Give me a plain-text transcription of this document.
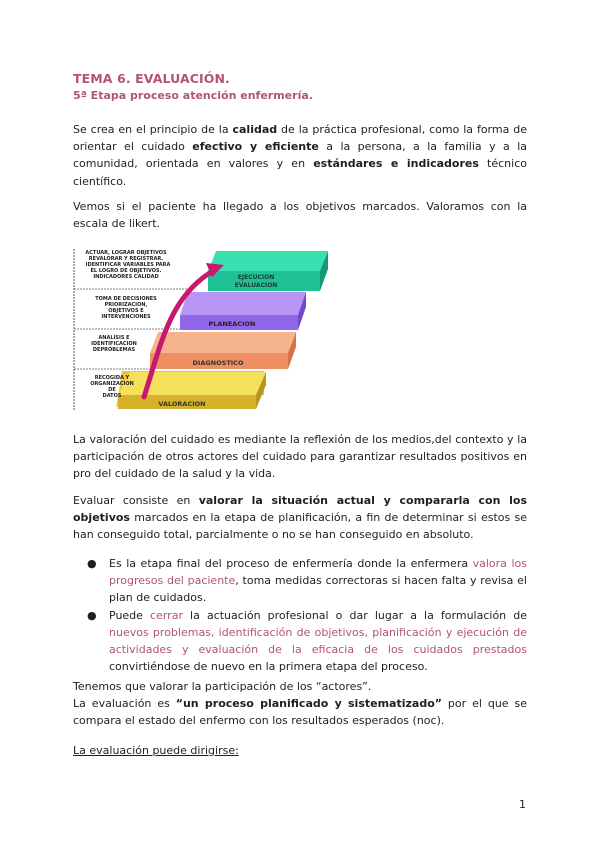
TEMA 6. EVALUACIÓN.
5ª Etapa proceso atención enfermería.
Se crea en el principio de la calidad de la práctica profesional, como la forma de orientar el cuidado efectivo y eficiente a la persona, a la familia y a la comunidad, orientada en valores y en estándares e indicadores técnico científico.
Vemos si el paciente ha llegado a los objetivos marcados. Valoramos con la escala de likert.
VALORACION
DIAGNOSTICO
PLANEACION
EJECUCION
EVALUACION
ACTUAR, LOGRAR OBJETIVOS
REVALORAR Y REGISTRAR.
IDENTIFICAR VARIABLES PARA
EL LOGRO DE OBJETIVOS.
INDICADORES CALIDAD
TOMA DE DECISIONES
PRIORIZACION,
OBJETIVOS E
INTERVENCIONES
ANALISIS E
IDENTIFICACION
DEPROBLEMAS
RECOGIDA Y
ORGANIZACION
DE
DATOS
La valoración del cuidado es mediante la reflexión de los medios,del contexto y la participación de otros actores del cuidado para garantizar resultados positivos en pro del cuidado de la salud y la vida.
Evaluar consiste en valorar la situación actual y compararla con los objetivos marcados en la etapa de planificación, a fin de determinar si estos se han conseguido total, parcialmente o no se han conseguido en absoluto.
● Es la etapa final del proceso de enfermería donde la enfermera valora los progresos del paciente, toma medidas correctoras si hacen falta y revisa el plan de cuidados.
● Puede cerrar la actuación profesional o dar lugar a la formulación de nuevos problemas, identificación de objetivos, planificación y ejecución de actividades y evaluación de la eficacia de los cuidados prestados convirtiéndose de nuevo en la primera etapa del proceso.
Tenemos que valorar la participación de los “actores”.
La evaluación es “un proceso planificado y sistematizado” por el que se compara el estado del enfermo con los resultados esperados (noc).
La evaluación puede dirigirse:
1
